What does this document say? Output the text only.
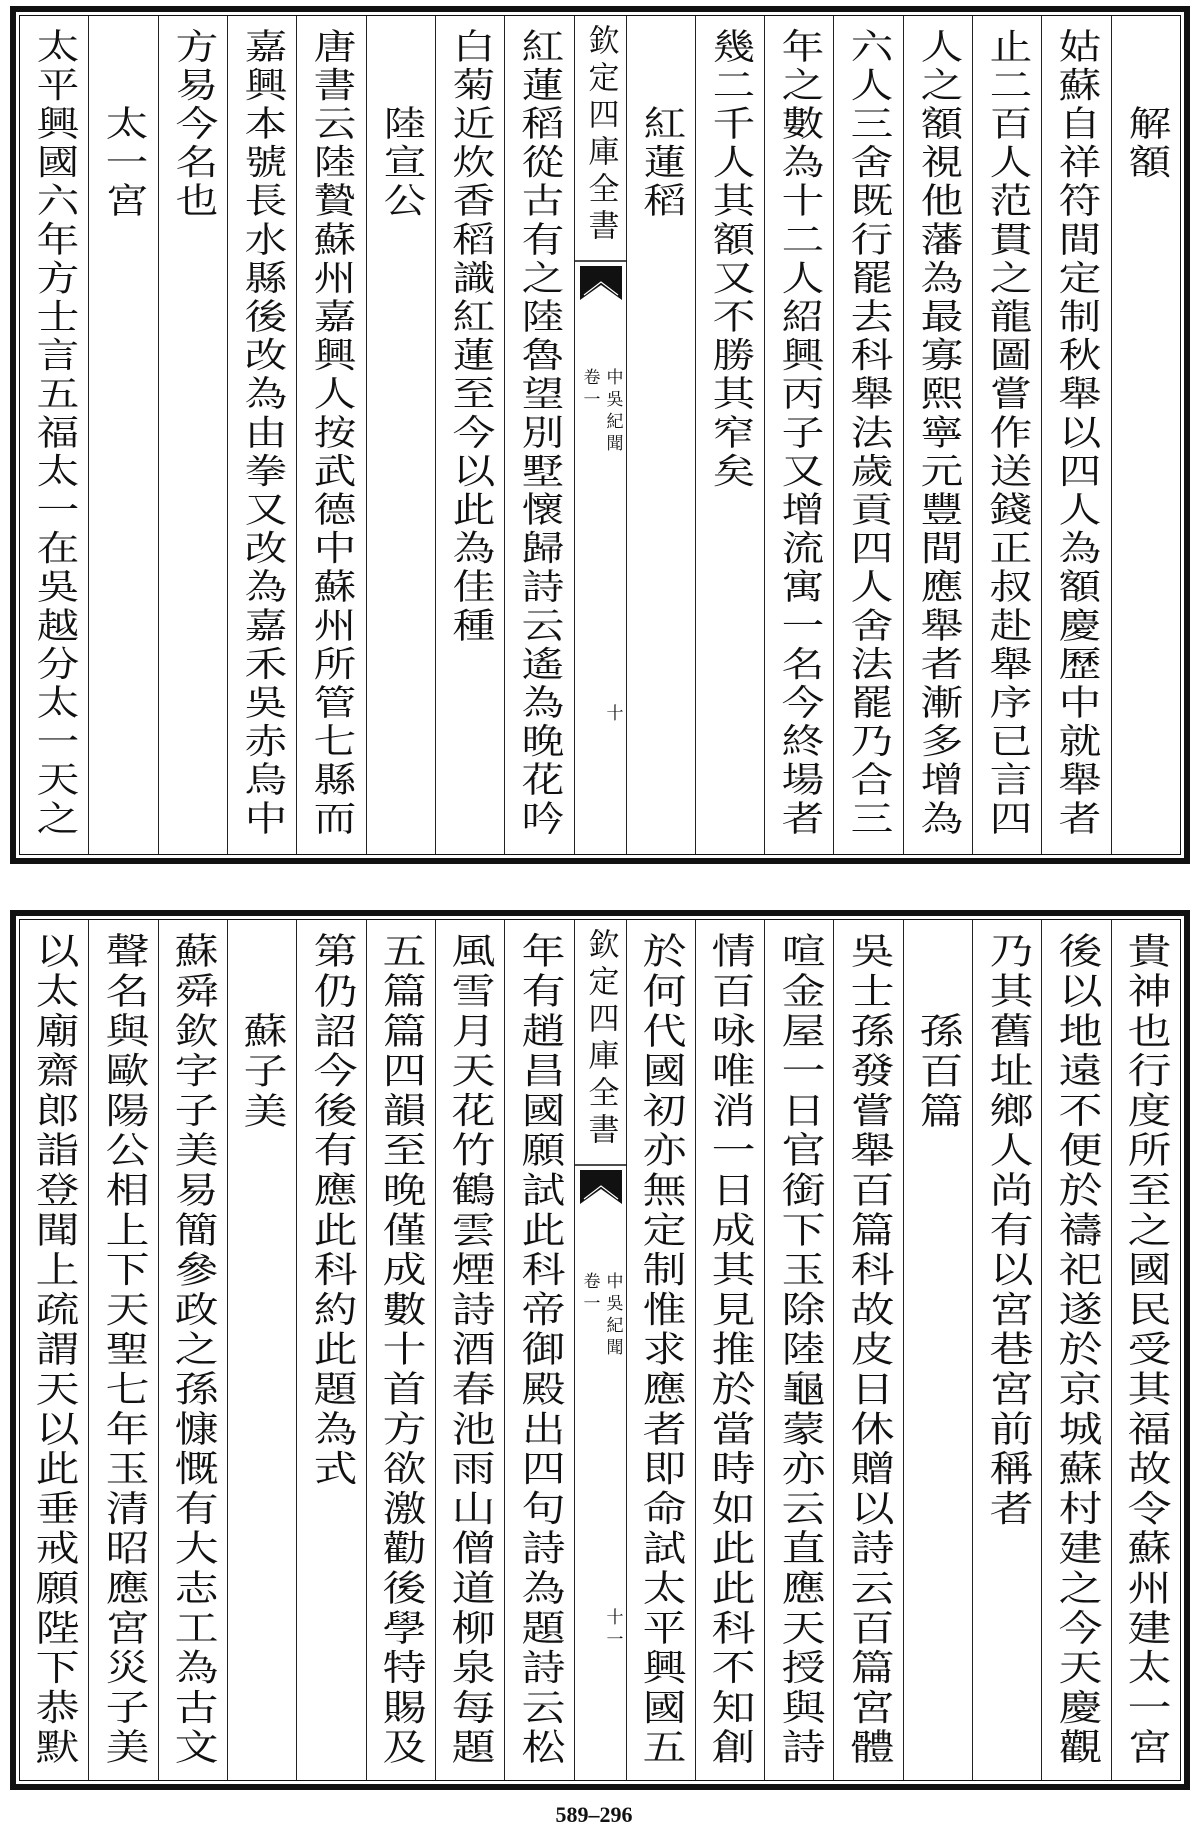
解額
姑蘇自祥符間定制秋舉以四人為額慶歷中就舉者
止二百人范貫之龍圖嘗作送錢正叔赴舉序已言四
人之額視他藩為最寡熙寧元豐間應舉者漸多增為
六人三舍既行罷去科舉法歲貢四人舍法罷乃合三
年之數為十二人紹興丙子又增流寓一名今終場者
幾二千人其額又不勝其窄矣
紅蓮稻
欽定四庫全書
中吳紀聞
卷一
十
紅蓮稻從古有之陸魯望別墅懷歸詩云遙為晚花吟
白菊近炊香稻識紅蓮至今以此為佳種
陸宣公
唐書云陸贄蘇州嘉興人按武德中蘇州所管七縣而
嘉興本號長水縣後改為由拳又改為嘉禾吳赤烏中
方易今名也
太一宮
太平興國六年方士言五福太一在吳越分太一天之
貴神也行度所至之國民受其福故令蘇州建太一宮
後以地遠不便於禱祀遂於京城蘇村建之今天慶觀
乃其舊址鄉人尚有以宮巷宮前稱者
孫百篇
吳士孫發嘗舉百篇科故皮日休贈以詩云百篇宮體
喧金屋一日官銜下玉除陸龜蒙亦云直應天授與詩
情百咏唯消一日成其見推於當時如此此科不知創
於何代國初亦無定制惟求應者即命試太平興國五
欽定四庫全書
中吳紀聞
卷一
十一
年有趙昌國願試此科帝御殿出四句詩為題詩云松
風雪月天花竹鶴雲煙詩酒春池雨山僧道柳泉每題
五篇篇四韻至晚僅成數十首方欲激勸後學特賜及
第仍詔今後有應此科約此題為式
蘇子美
蘇舜欽字子美易簡參政之孫慷慨有大志工為古文
聲名與歐陽公相上下天聖七年玉清昭應宮災子美
以太廟齋郎詣登聞上疏謂天以此垂戒願陛下恭默
589–296
